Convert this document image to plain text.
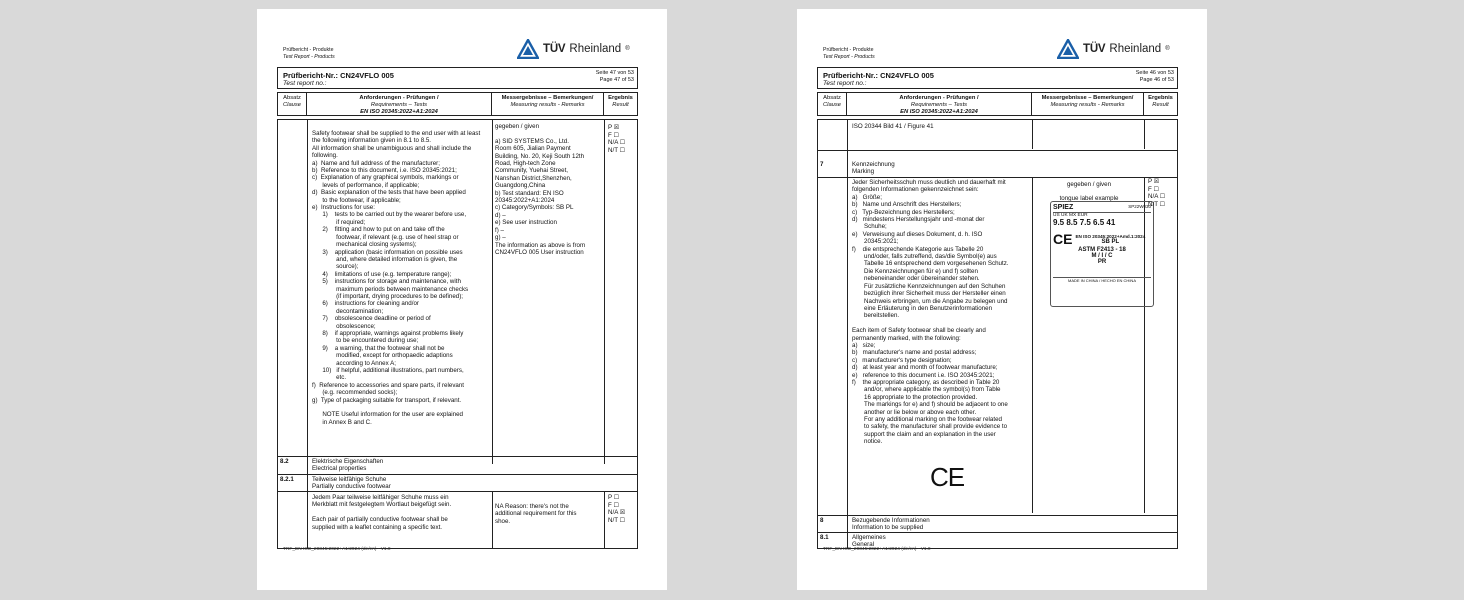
Prüfbericht - Produkte
Test Report - Products
TÜV Rheinland ®
Prüfbericht-Nr.: CN24VFLO 005
Test report no.:
Seite 47 von 53
Page 47 of 53
Absatz
Clause
Anforderungen - Prüfungen /
Requirements – Tests
EN ISO 20345:2022+A1:2024
Messergebnisse – Bemerkungen/
Measuring results - Remarks
Ergebnis
Result
Safety footwear shall be supplied to the end user with at least the following information given in 8.1 to 8.5.
All information shall be unambiguous and shall include the following.
a)  Name and full address of the manufacturer;
b)  Reference to this document, i.e. ISO 20345:2021;
c)  Explanation of any graphical symbols, markings or
levels of performance, if applicable;
d)  Basic explanation of the tests that have been applied
to the footwear, if applicable;
e)  Instructions for use:
1)    tests to be carried out by the wearer before use,
if required;
2)    fitting and how to put on and take off the
footwear, if relevant (e.g. use of heel strap or
mechanical closing systems);
3)    application (basic information on possible uses
and, where detailed information is given, the
source);
4)    limitations of use (e.g. temperature range);
5)    instructions for storage and maintenance, with
maximum periods between maintenance checks
(if important, drying procedures to be defined);
6)    instructions for cleaning and/or
decontamination;
7)    obsolescence deadline or period of
obsolescence;
8)    if appropriate, warnings against problems likely
to be encountered during use;
9)    a warning, that the footwear shall not be
modified, except for orthopaedic adaptions
according to Annex A;
10)   if helpful, additional illustrations, part numbers,
etc.
f)  Reference to accessories and spare parts, if relevant
(e.g. recommended socks);
g)  Type of packaging suitable for transport, if relevant.

NOTE Useful information for the user are explained
in Annex B and C.
gegeben / given

a) SID SYSTEMS Co., Ltd.
Room 605, Jialian Payment
Building, No. 20, Keji South 12th
Road, High-tech Zone
Community, Yuehai Street,
Nanshan District,Shenzhen,
Guangdong,China
b) Test standard: EN ISO
20345:2022+A1:2024
c) Category/Symbols: SB PL
d) –
e) See user instruction
f) –
g) –
The information as above is from
CN24VFLO 005 User instruction
P ☒
F ☐
N/A ☐
N/T ☐
8.2	Elektrische Eigenschaften
Electrical properties
8.2.1	Teilweise leitfähige Schuhe
Partially conductive footwear
Jedem Paar teilweise leitfähiger Schuhe muss ein
Merkblatt mit festgelegtem Wortlaut beigefügt sein.

Each pair of partially conductive footwear shall be
supplied with a leaflet containing a specific text.
NA Reason: there's not the
additional requirement for this
shoe.
P ☐
F ☐
N/A ☒
N/T ☐
TRF_EN ISO_20345:2022+A1:2024 (de/en) - V1.0
Prüfbericht - Produkte
Test Report - Products
TÜV Rheinland ®
Prüfbericht-Nr.: CN24VFLO 005
Test report no.:
Seite 46 von 53
Page 46 of 53
Absatz
Clause
Anforderungen - Prüfungen /
Requirements – Tests
EN ISO 20345:2022+A1:2024
Messergebnisse – Bemerkungen/
Measuring results - Remarks
Ergebnis
Result
ISO 20344 Bild 41 / Figure 41
7	Kennzeichnung
Marking
Jeder Sicherheitsschuh muss deutlich und dauerhaft mit
folgenden Informationen gekennzeichnet sein:
a)   Größe;
b)   Name und Anschrift des Herstellers;
c)   Typ-Bezeichnung des Herstellers;
d)   mindestens Herstellungsjahr und -monat der
Schuhe;
e)   Verweisung auf dieses Dokument, d. h. ISO
20345:2021;
f)    die entsprechende Kategorie aus Tabelle 20
und/oder, falls zutreffend, das/die Symbol(e) aus
Tabelle 16 entsprechend dem vorgesehenen Schutz.
Die Kennzeichnungen für e) und f) sollten
nebeneinander oder übereinander stehen.
Für zusätzliche Kennzeichnungen auf den Schuhen
bezüglich ihrer Sicherheit muss der Hersteller einen
Nachweis erbringen, um die Angabe zu belegen und
eine Erläuterung in den Benutzerinformationen
bereitstellen.

Each item of Safety footwear shall be clearly and
permanently marked, with the following:
a)   size;
b)   manufacturer's name and postal address;
c)   manufacturer's type designation;
d)   at least year and month of footwear manufacture;
e)   reference to this document i.e. ISO 20345:2021;
f)    the appropriate category, as described in Table 20
and/or, where applicable the symbol(s) from Table
16 appropriate to the protection provided.
The markings for e) and f) should be adjacent to one
another or lie below or above each other.
For any additional marking on the footwear related
to safety, the manufacturer shall provide evidence to
support the claim and an explanation in the user
notice.
gegeben / given
tongue label example
SPIEZ	SP22W030
US UK MX EUR
9.5 8.5 7.5 6.5 41
CE EN ISO 20345:2022+Amd.1:2024
SB PL
ASTM F2413 - 18
M / I / C
PR
MADE IN CHINA / HECHO EN CHINA
CE
P ☒
F ☐
N/A ☐
N/T ☐
8	Bezugebende Informationen
Information to be supplied
8.1	Allgemeines
General
TRF_EN ISO_20345:2022+A1:2024 (de/en) - V1.0
